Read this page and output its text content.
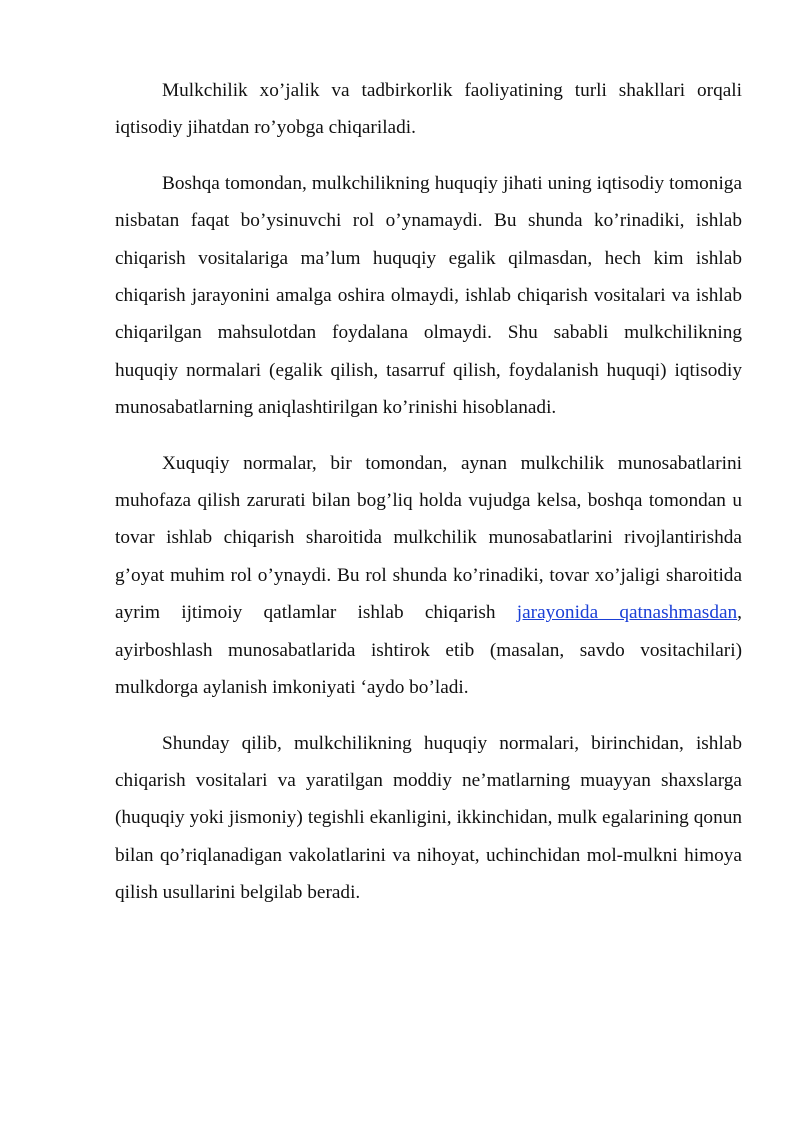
Mulkchilik xo’jalik va tadbirkorlik faoliyatining turli shakllari orqali iqtisodiy jihatdan ro’yobga chiqariladi.

Boshqa tomondan, mulkchilikning huquqiy jihati uning iqtisodiy tomoniga nisbatan faqat bo’ysinuvchi rol o’ynamaydi. Bu shunda ko’rinadiki, ishlab chiqarish vositalariga ma’lum huquqiy egalik qilmasdan, hech kim ishlab chiqarish jarayonini amalga oshira olmaydi, ishlab chiqarish vositalari va ishlab chiqarilgan mahsulotdan foydalana olmaydi. Shu sababli mulkchilikning huquqiy normalari (egalik qilish, tasarruf qilish, foydalanish huquqi) iqtisodiy munosabatlarning aniqlashtirilgan ko’rinishi hisoblanadi.

Xuquqiy normalar, bir tomondan, aynan mulkchilik munosabatlarini muhofaza qilish zarurati bilan bog’liq holda vujudga kelsa, boshqa tomondan u tovar ishlab chiqarish sharoitida mulkchilik munosabatlarini rivojlantirishda g’oyat muhim rol o’ynaydi. Bu rol shunda ko’rinadiki, tovar xo’jaligi sharoitida ayrim ijtimoiy qatlamlar ishlab chiqarish jarayonida qatnashmasdan, ayirboshlash munosabatlarida ishtirok etib (masalan, savdo vositachilari) mulkdorga aylanish imkoniyati ‘aydo bo’ladi.

Shunday qilib, mulkchilikning huquqiy normalari, birinchidan, ishlab chiqarish vositalari va yaratilgan moddiy ne’matlarning muayyan shaxslarga (huquqiy yoki jismoniy) tegishli ekanligini, ikkinchidan, mulk egalarining qonun bilan qo’riqlanadigan vakolatlarini va nihoyat, uchinchidan mol-mulkni himoya qilish usullarini belgilab beradi.
